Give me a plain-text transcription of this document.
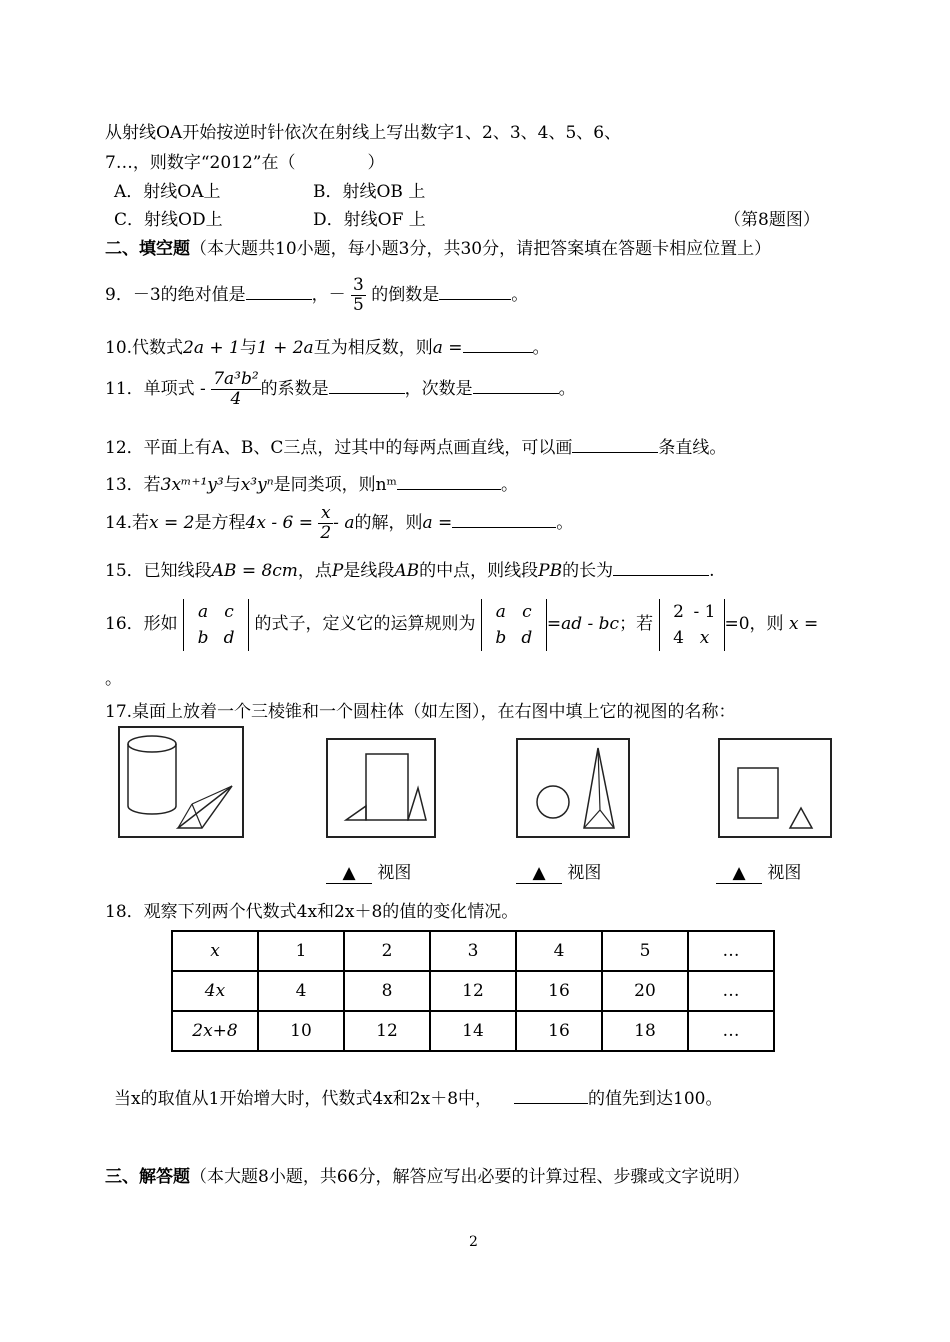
从射线OA开始按逆时针依次在射线上写出数字1、2、3、4、5、6、
7…，则数字“2012”在（	）
A．射线OA上	B．射线OB 上
C．射线OD上	D．射线OF 上	（第8题图）
二、填空题（本大题共10小题，每小题3分，共30分，请把答案填在答题卡相应位置上）
9．－3的绝对值是	，－ $\frac{3}{5}$ 的倒数是	。
10.代数式2a + 1与1 + 2a互为相反数，则a =	。
11．单项式 - $\frac{\text{7a³b²}}{4}$ 的系数是	，次数是	。
12．平面上有A、B、C三点，过其中的每两点画直线，可以画	条直线。
13．若3xᵐ⁺¹y³与x³yⁿ是同类项，则nᵐ	。
14.若x = 2是方程$4x - 6 = \frac{x}{2} - a$的解，则a =	。
15．已知线段AB = 8cm，点P是线段AB的中点，则线段PB的长为	.
16．形如
a c
b d
的式子，定义它的运算规则为
a c
b d
=ad - bc；若
2 - 1
4 x
=0，则 x =
。
17.桌面上放着一个三棱锥和一个圆柱体（如左图），在右图中填上它的视图的名称：
▲ 视图	▲ 视图	▲ 视图
18．观察下列两个代数式4x和2x＋8的值的变化情况。
x	1	2	3	4	5	…
4x	4	8	12	16	20	…
2x+8	10	12	14	16	18	…
当x的取值从1开始增大时，代数式4x和2x＋8中，	的值先到达100。
三、解答题（本大题8小题，共66分，解答应写出必要的计算过程、步骤或文字说明）
2
